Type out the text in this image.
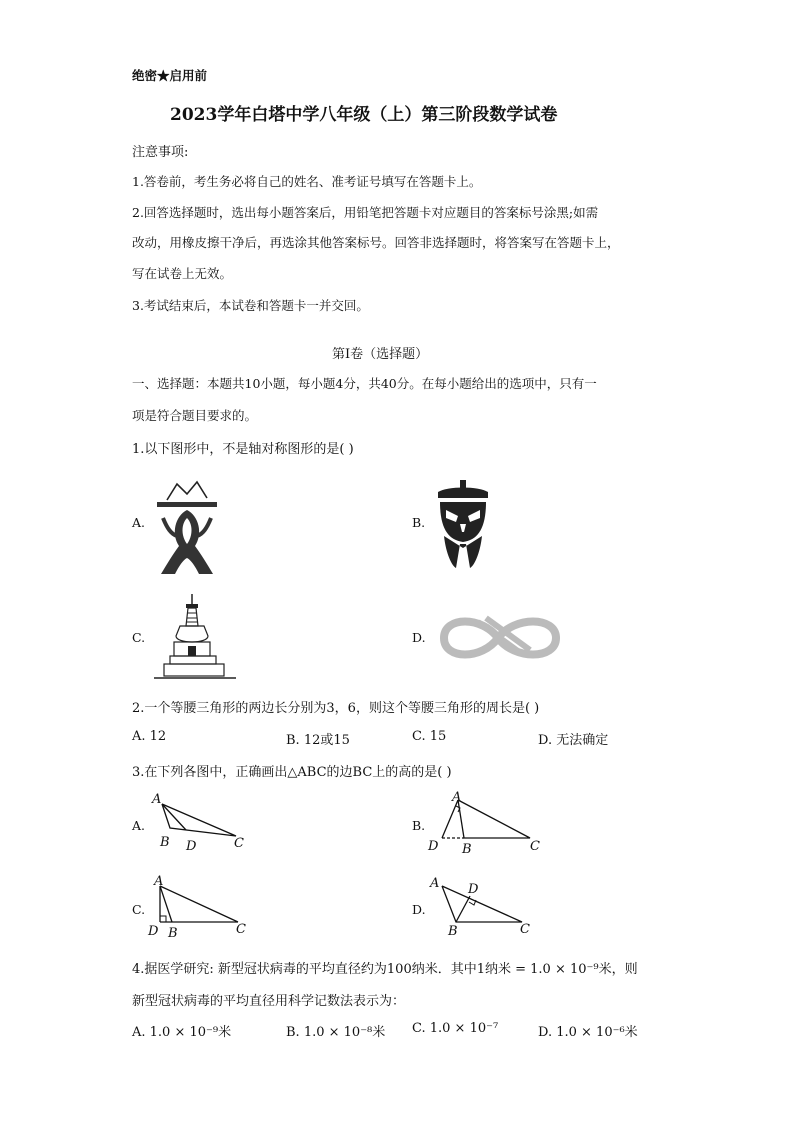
绝密★启用前
2023学年白塔中学八年级（上）第三阶段数学试卷
注意事项:
1.答卷前，考生务必将自己的姓名、准考证号填写在答题卡上。
2.回答选择题时，选出每小题答案后，用铅笔把答题卡对应题目的答案标号涂黑;如需
改动，用橡皮擦干净后，再选涂其他答案标号。回答非选择题时，将答案写在答题卡上，
写在试卷上无效。
3.考试结束后，本试卷和答题卡一并交回。
第I卷（选择题）
一、选择题：本题共10小题，每小题4分，共40分。在每小题给出的选项中，只有一
项是符合题目要求的。
1.以下图形中，不是轴对称图形的是( )
A.	B.
C.	D.
2.一个等腰三角形的两边长分别为3，6，则这个等腰三角形的周长是( )
A. 12	B. 12或15	C. 15	D. 无法确定
3.在下列各图中，正确画出△ABC的边BC上的高的是( )
A.
A
B D	C
B.
A
D B	C
C.
A
D B	C
D.
A D
B	C
4.据医学研究: 新型冠状病毒的平均直径约为100纳米．其中1纳米 = 1.0 × 10⁻⁹米，则
新型冠状病毒的平均直径用科学记数法表示为：
A. 1.0 × 10⁻⁹米	B. 1.0 × 10⁻⁸米 C. 1.0 × 10⁻⁷	D. 1.0 × 10⁻⁶米
